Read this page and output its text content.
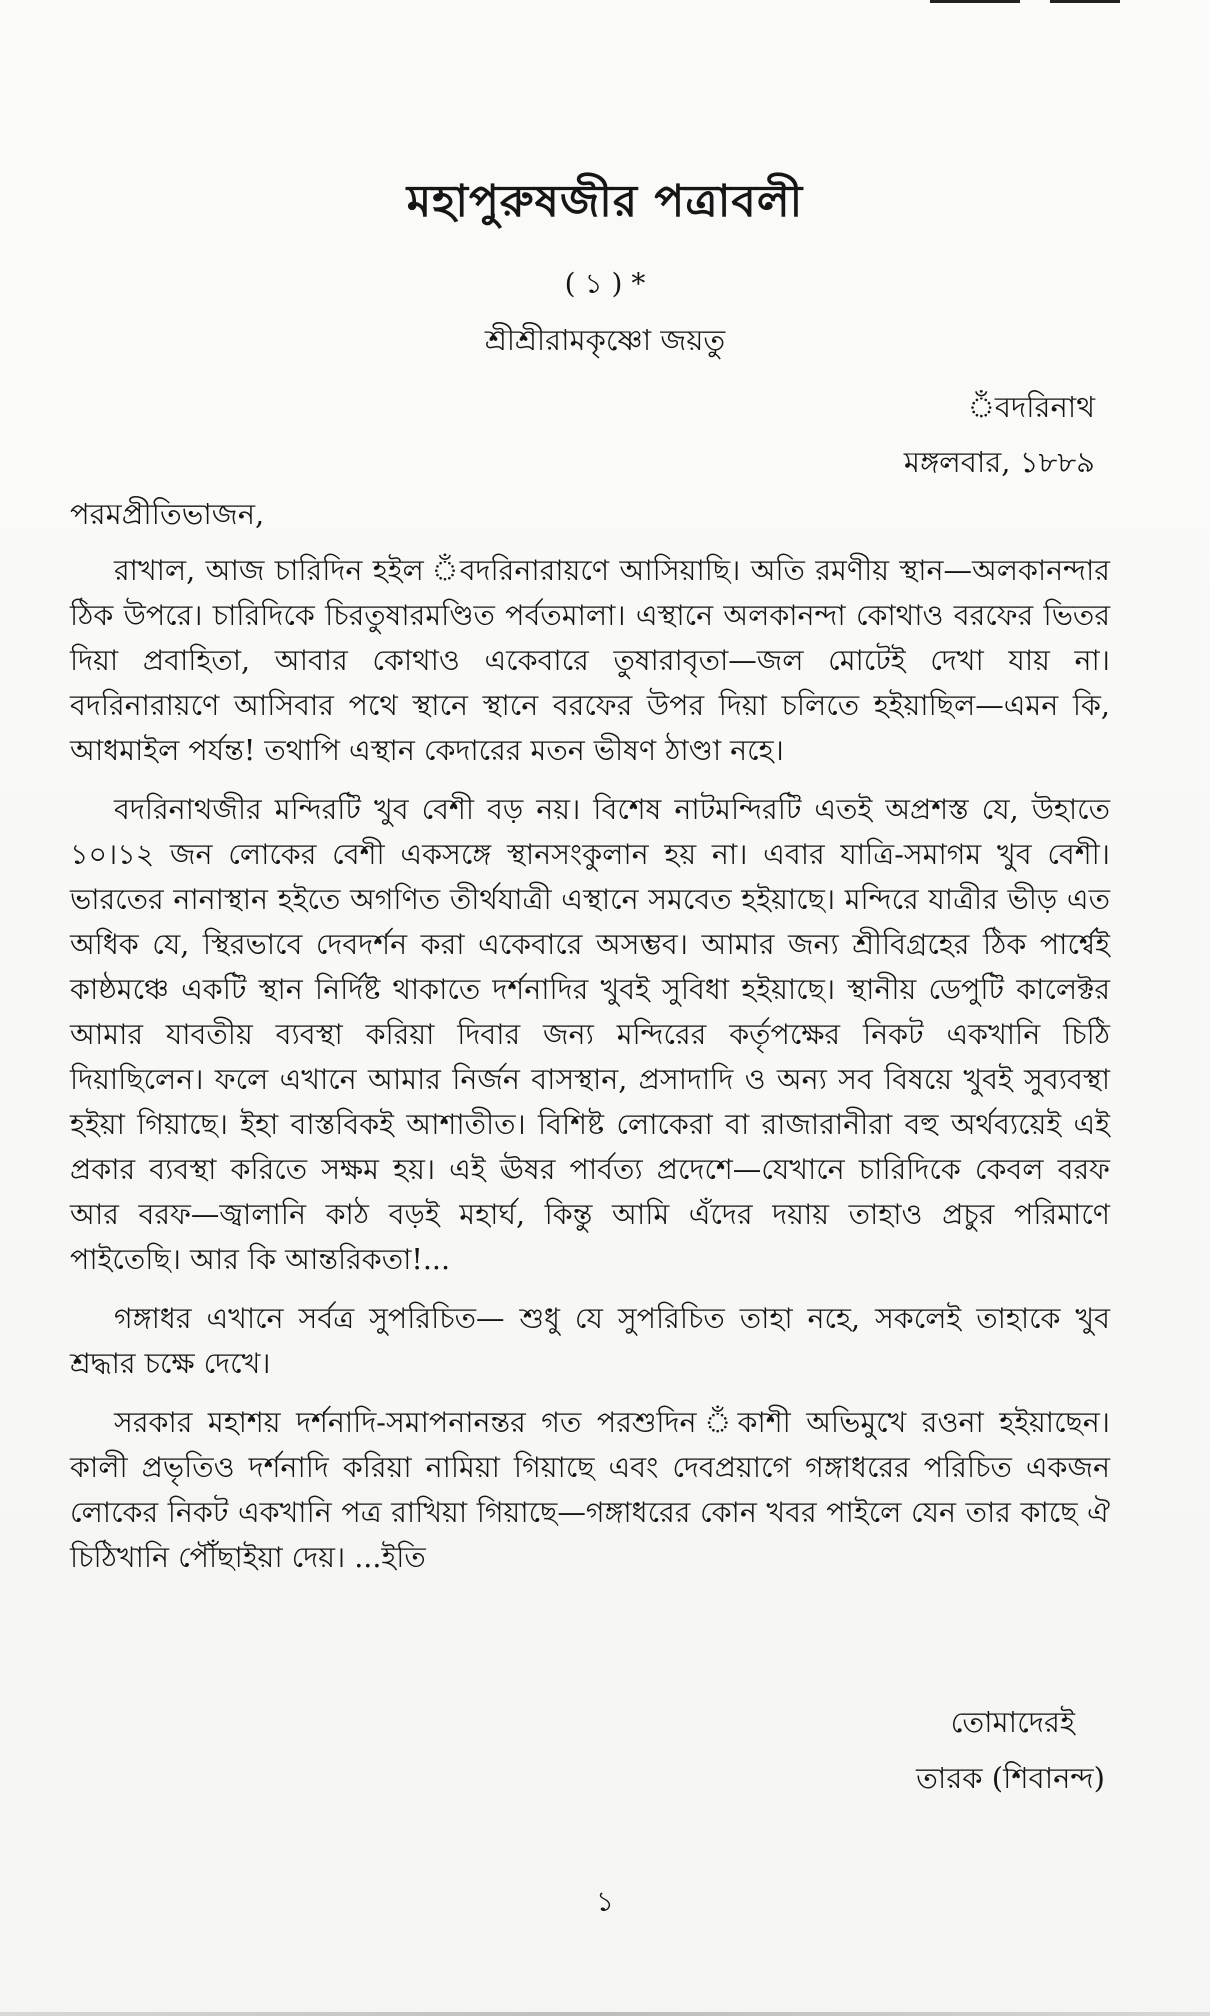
মহাপুরুষজীর পত্রাবলী
( ১ ) *
শ্রীশ্রীরামকৃষ্ণো জয়তু
ঁবদরিনাথ
মঙ্গলবার, ১৮৮৯
পরমপ্রীতিভাজন,

রাখাল, আজ চারিদিন হইল ঁবদরিনারায়ণে আসিয়াছি। অতি রমণীয় স্থান—অলকানন্দার ঠিক উপরে। চারিদিকে চিরতুষারমণ্ডিত পর্বতমালা। এস্থানে অলকানন্দা কোথাও বরফের ভিতর দিয়া প্রবাহিতা, আবার কোথাও একেবারে তুষারাবৃতা—জল মোটেই দেখা যায় না। বদরিনারায়ণে আসিবার পথে স্থানে স্থানে বরফের উপর দিয়া চলিতে হইয়াছিল—এমন কি, আধমাইল পর্যন্ত! তথাপি এস্থান কেদারের মতন ভীষণ ঠাণ্ডা নহে।

বদরিনাথজীর মন্দিরটি খুব বেশী বড় নয়। বিশেষ নাটমন্দিরটি এতই অপ্রশস্ত যে, উহাতে ১০।১২ জন লোকের বেশী একসঙ্গে স্থানসংকুলান হয় না। এবার যাত্রি-সমাগম খুব বেশী। ভারতের নানাস্থান হইতে অগণিত তীর্থযাত্রী এস্থানে সমবেত হইয়াছে। মন্দিরে যাত্রীর ভীড় এত অধিক যে, স্থিরভাবে দেবদর্শন করা একেবারে অসম্ভব। আমার জন্য শ্রীবিগ্রহের ঠিক পার্শ্বেই কাষ্ঠমঞ্চে একটি স্থান নির্দিষ্ট থাকাতে দর্শনাদির খুবই সুবিধা হইয়াছে। স্থানীয় ডেপুটি কালেক্টর আমার যাবতীয় ব্যবস্থা করিয়া দিবার জন্য মন্দিরের কর্তৃপক্ষের নিকট একখানি চিঠি দিয়াছিলেন। ফলে এখানে আমার নির্জন বাসস্থান, প্রসাদাদি ও অন্য সব বিষয়ে খুবই সুব্যবস্থা হইয়া গিয়াছে। ইহা বাস্তবিকই আশাতীত। বিশিষ্ট লোকেরা বা রাজারানীরা বহু অর্থব্যয়েই এই প্রকার ব্যবস্থা করিতে সক্ষম হয়। এই ঊষর পার্বত্য প্রদেশে—যেখানে চারিদিকে কেবল বরফ আর বরফ—জ্বালানি কাঠ বড়ই মহার্ঘ, কিন্তু আমি এঁদের দয়ায় তাহাও প্রচুর পরিমাণে পাইতেছি। আর কি আন্তরিকতা!...

গঙ্গাধর এখানে সর্বত্র সুপরিচিত— শুধু যে সুপরিচিত তাহা নহে, সকলেই তাহাকে খুব শ্রদ্ধার চক্ষে দেখে।

সরকার মহাশয় দর্শনাদি-সমাপনানন্তর গত পরশুদিন ঁকাশী অভিমুখে রওনা হইয়াছেন। কালী প্রভৃতিও দর্শনাদি করিয়া নামিয়া গিয়াছে এবং দেবপ্রয়াগে গঙ্গাধরের পরিচিত একজন লোকের নিকট একখানি পত্র রাখিয়া গিয়াছে—গঙ্গাধরের কোন খবর পাইলে যেন তার কাছে ঐ চিঠিখানি পৌঁছাইয়া দেয়। ...ইতি

তোমাদেরই
তারক (শিবানন্দ)
১
